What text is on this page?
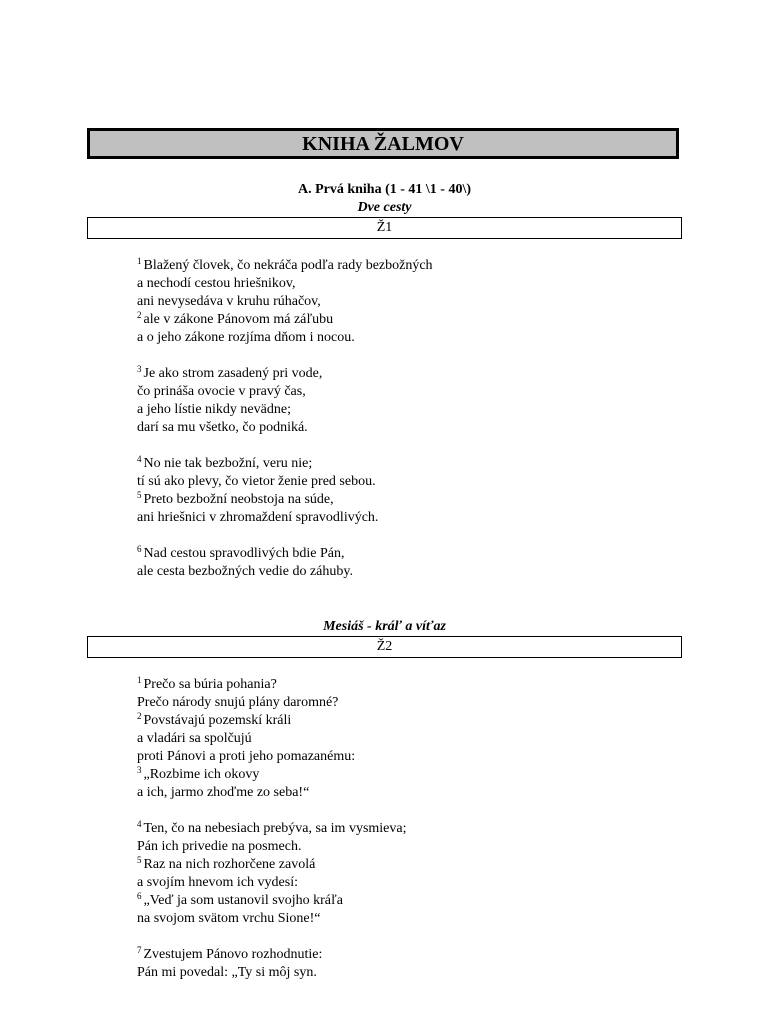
KNIHA ŽALMOV
A. Prvá kniha (1 - 41 \1 - 40\)
Dve cesty
Ž1
$^1$ Blažený človek, čo nekráča podľa rady bezbožných
a nechodí cestou hriešnikov,
ani nevysedáva v kruhu rúhačov,
$^2$ ale v zákone Pánovom má záľubu
a o jeho zákone rozjíma dňom i nocou.
$^3$ Je ako strom zasadený pri vode,
čo prináša ovocie v pravý čas,
a jeho lístie nikdy nevädne;
darí sa mu všetko, čo podniká.
$^4$ No nie tak bezbožní, veru nie;
tí sú ako plevy, čo vietor ženie pred sebou.
$^5$ Preto bezbožní neobstoja na súde,
ani hriešnici v zhromaždení spravodlivých.
$^6$ Nad cestou spravodlivých bdie Pán,
ale cesta bezbožných vedie do záhuby.
Mesiáš - kráľ a víťaz
Ž2
$^1$ Prečo sa búria pohania?
Prečo národy snujú plány daromné?
$^2$ Povstávajú pozemskí králi
a vladári sa spolčujú
proti Pánovi a proti jeho pomazanému:
$^3$ „Rozbime ich okovy
a ich, jarmo zhoďme zo seba!“
$^4$ Ten, čo na nebesiach prebýva, sa im vysmieva;
Pán ich privedie na posmech.
$^5$ Raz na nich rozhorčene zavolá
a svojím hnevom ich vydesí:
$^6$ „Veď ja som ustanovil svojho kráľa
na svojom svätom vrchu Sione!“
$^7$ Zvestujem Pánovo rozhodnutie:
Pán mi povedal: „Ty si môj syn.
